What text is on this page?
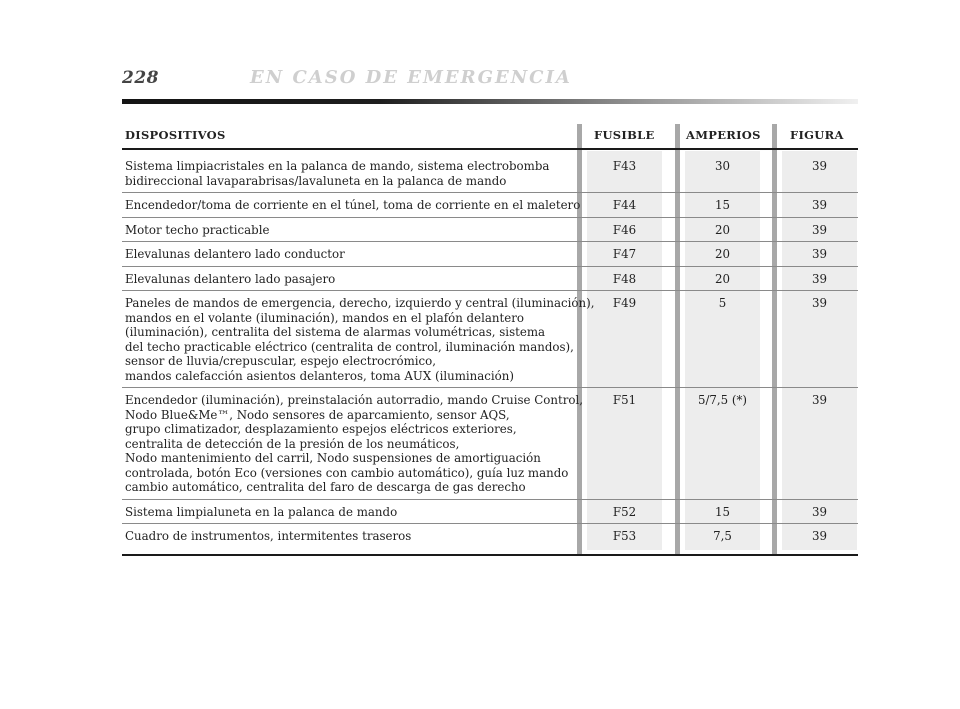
228	EN CASO DE EMERGENCIA
DISPOSITIVOS	FUSIBLE	AMPERIOS	FIGURA
Sistema limpiacristales en la palanca de mando, sistema electrobomba
bidireccional lavaparabrisas/lavaluneta en la palanca de mando
F43	30	39
Encendedor/toma de corriente en el túnel, toma de corriente en el maletero	F44	15	39
Motor techo practicable	F46	20	39
Elevalunas delantero lado conductor	F47	20	39
Elevalunas delantero lado pasajero	F48	20	39
Paneles de mandos de emergencia, derecho, izquierdo y central (iluminación),
mandos en el volante (iluminación), mandos en el plafón delantero
(iluminación), centralita del sistema de alarmas volumétricas, sistema
del techo practicable eléctrico (centralita de control, iluminación mandos),
sensor de lluvia/crepuscular, espejo electrocrómico,
mandos calefacción asientos delanteros, toma AUX (iluminación)
F49	5	39
Encendedor (iluminación), preinstalación autorradio, mando Cruise Control,
Nodo Blue&Me™, Nodo sensores de aparcamiento, sensor AQS,
grupo climatizador, desplazamiento espejos eléctricos exteriores,
centralita de detección de la presión de los neumáticos,
Nodo mantenimiento del carril, Nodo suspensiones de amortiguación
controlada, botón Eco (versiones con cambio automático), guía luz mando
cambio automático, centralita del faro de descarga de gas derecho
F51	5/7,5 (*)	39
Sistema limpialuneta en la palanca de mando	F52	15	39
Cuadro de instrumentos, intermitentes traseros	F53	7,5	39
